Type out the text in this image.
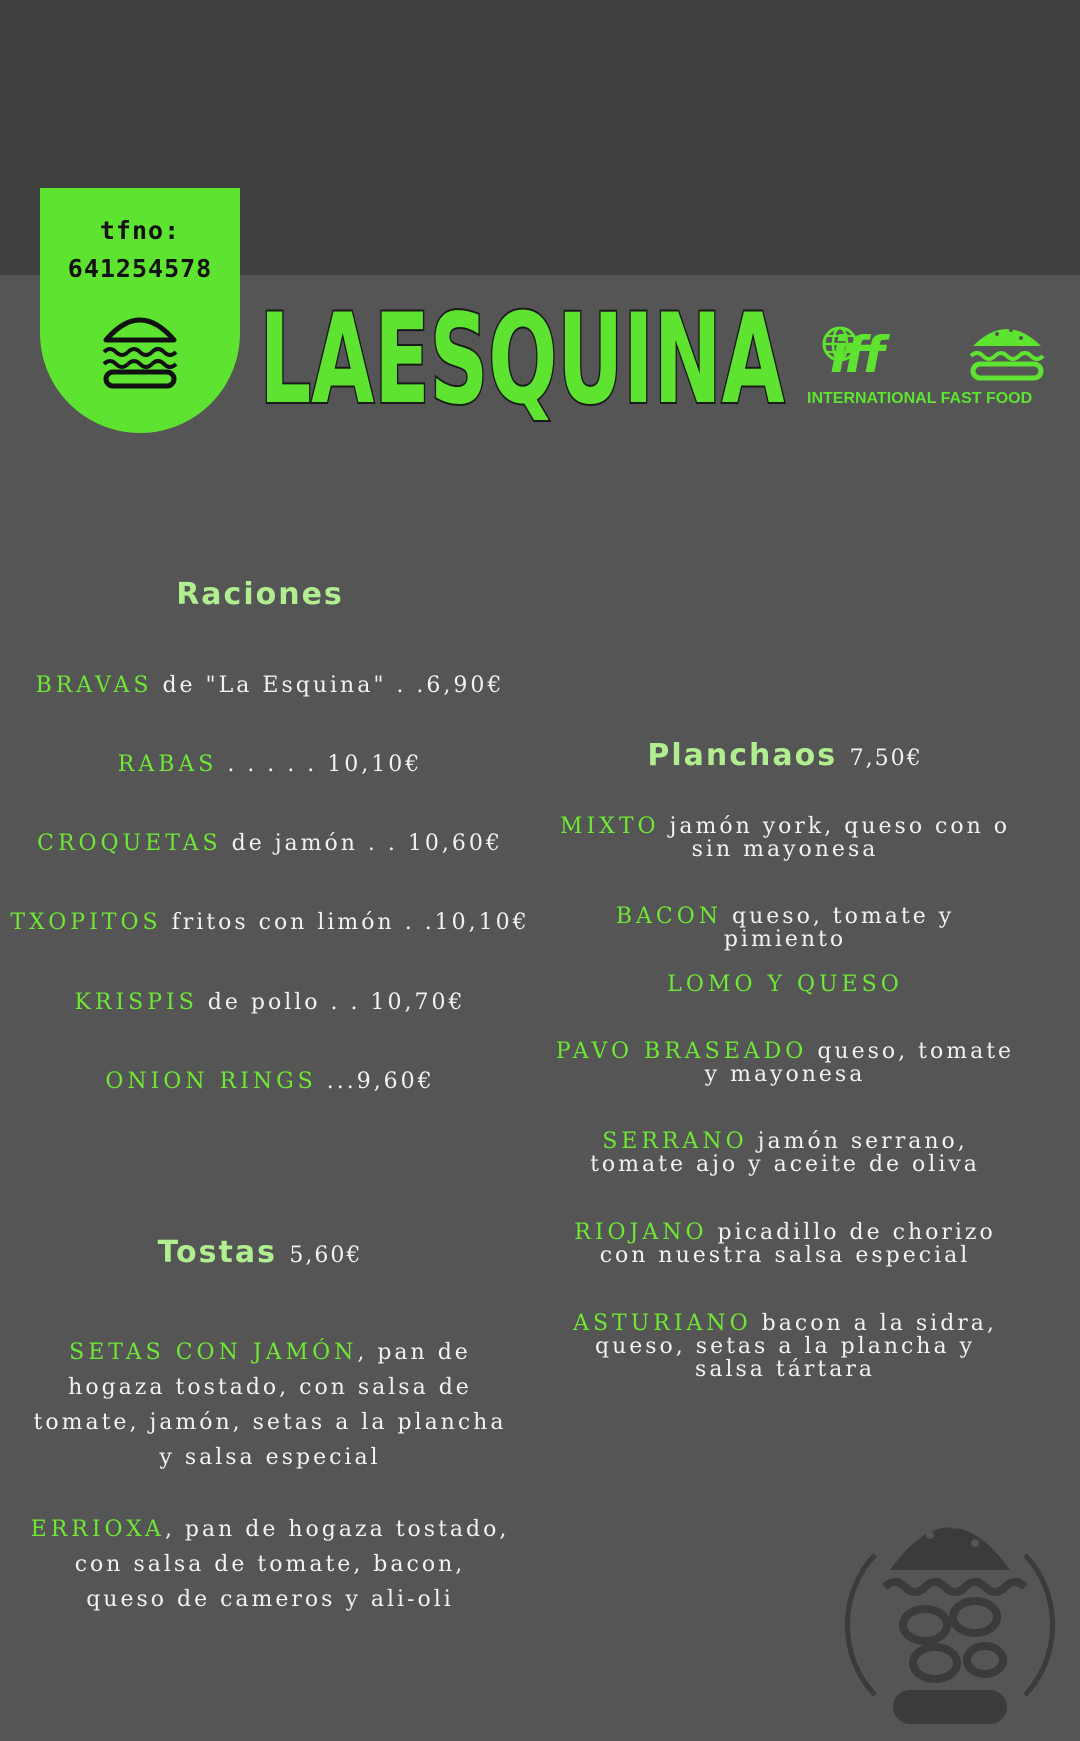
tfno:
641254578
LAESQUINA iff
INTERNATIONAL FAST FOOD
Raciones
BRAVAS de "La Esquina" . .6,90€
RABAS . . . . . 10,10€
CROQUETAS de jamón . . 10,60€
TXOPITOS fritos con limón . .10,10€
KRISPIS de pollo . . 10,70€
ONION RINGS ...9,60€
Tostas 5,60€
SETAS CON JAMÓN, pan de hogaza tostado, con salsa de tomate, jamón, setas a la plancha y salsa especial
ERRIOXA, pan de hogaza tostado, con salsa de tomate, bacon, queso de cameros y ali-oli
Planchaos 7,50€
MIXTO jamón york, queso con o sin mayonesa
BACON queso, tomate y pimiento
LOMO Y QUESO
PAVO BRASEADO queso, tomate y mayonesa
SERRANO jamón serrano, tomate ajo y aceite de oliva
RIOJANO picadillo de chorizo con nuestra salsa especial
ASTURIANO bacon a la sidra, queso, setas a la plancha y salsa tártara
